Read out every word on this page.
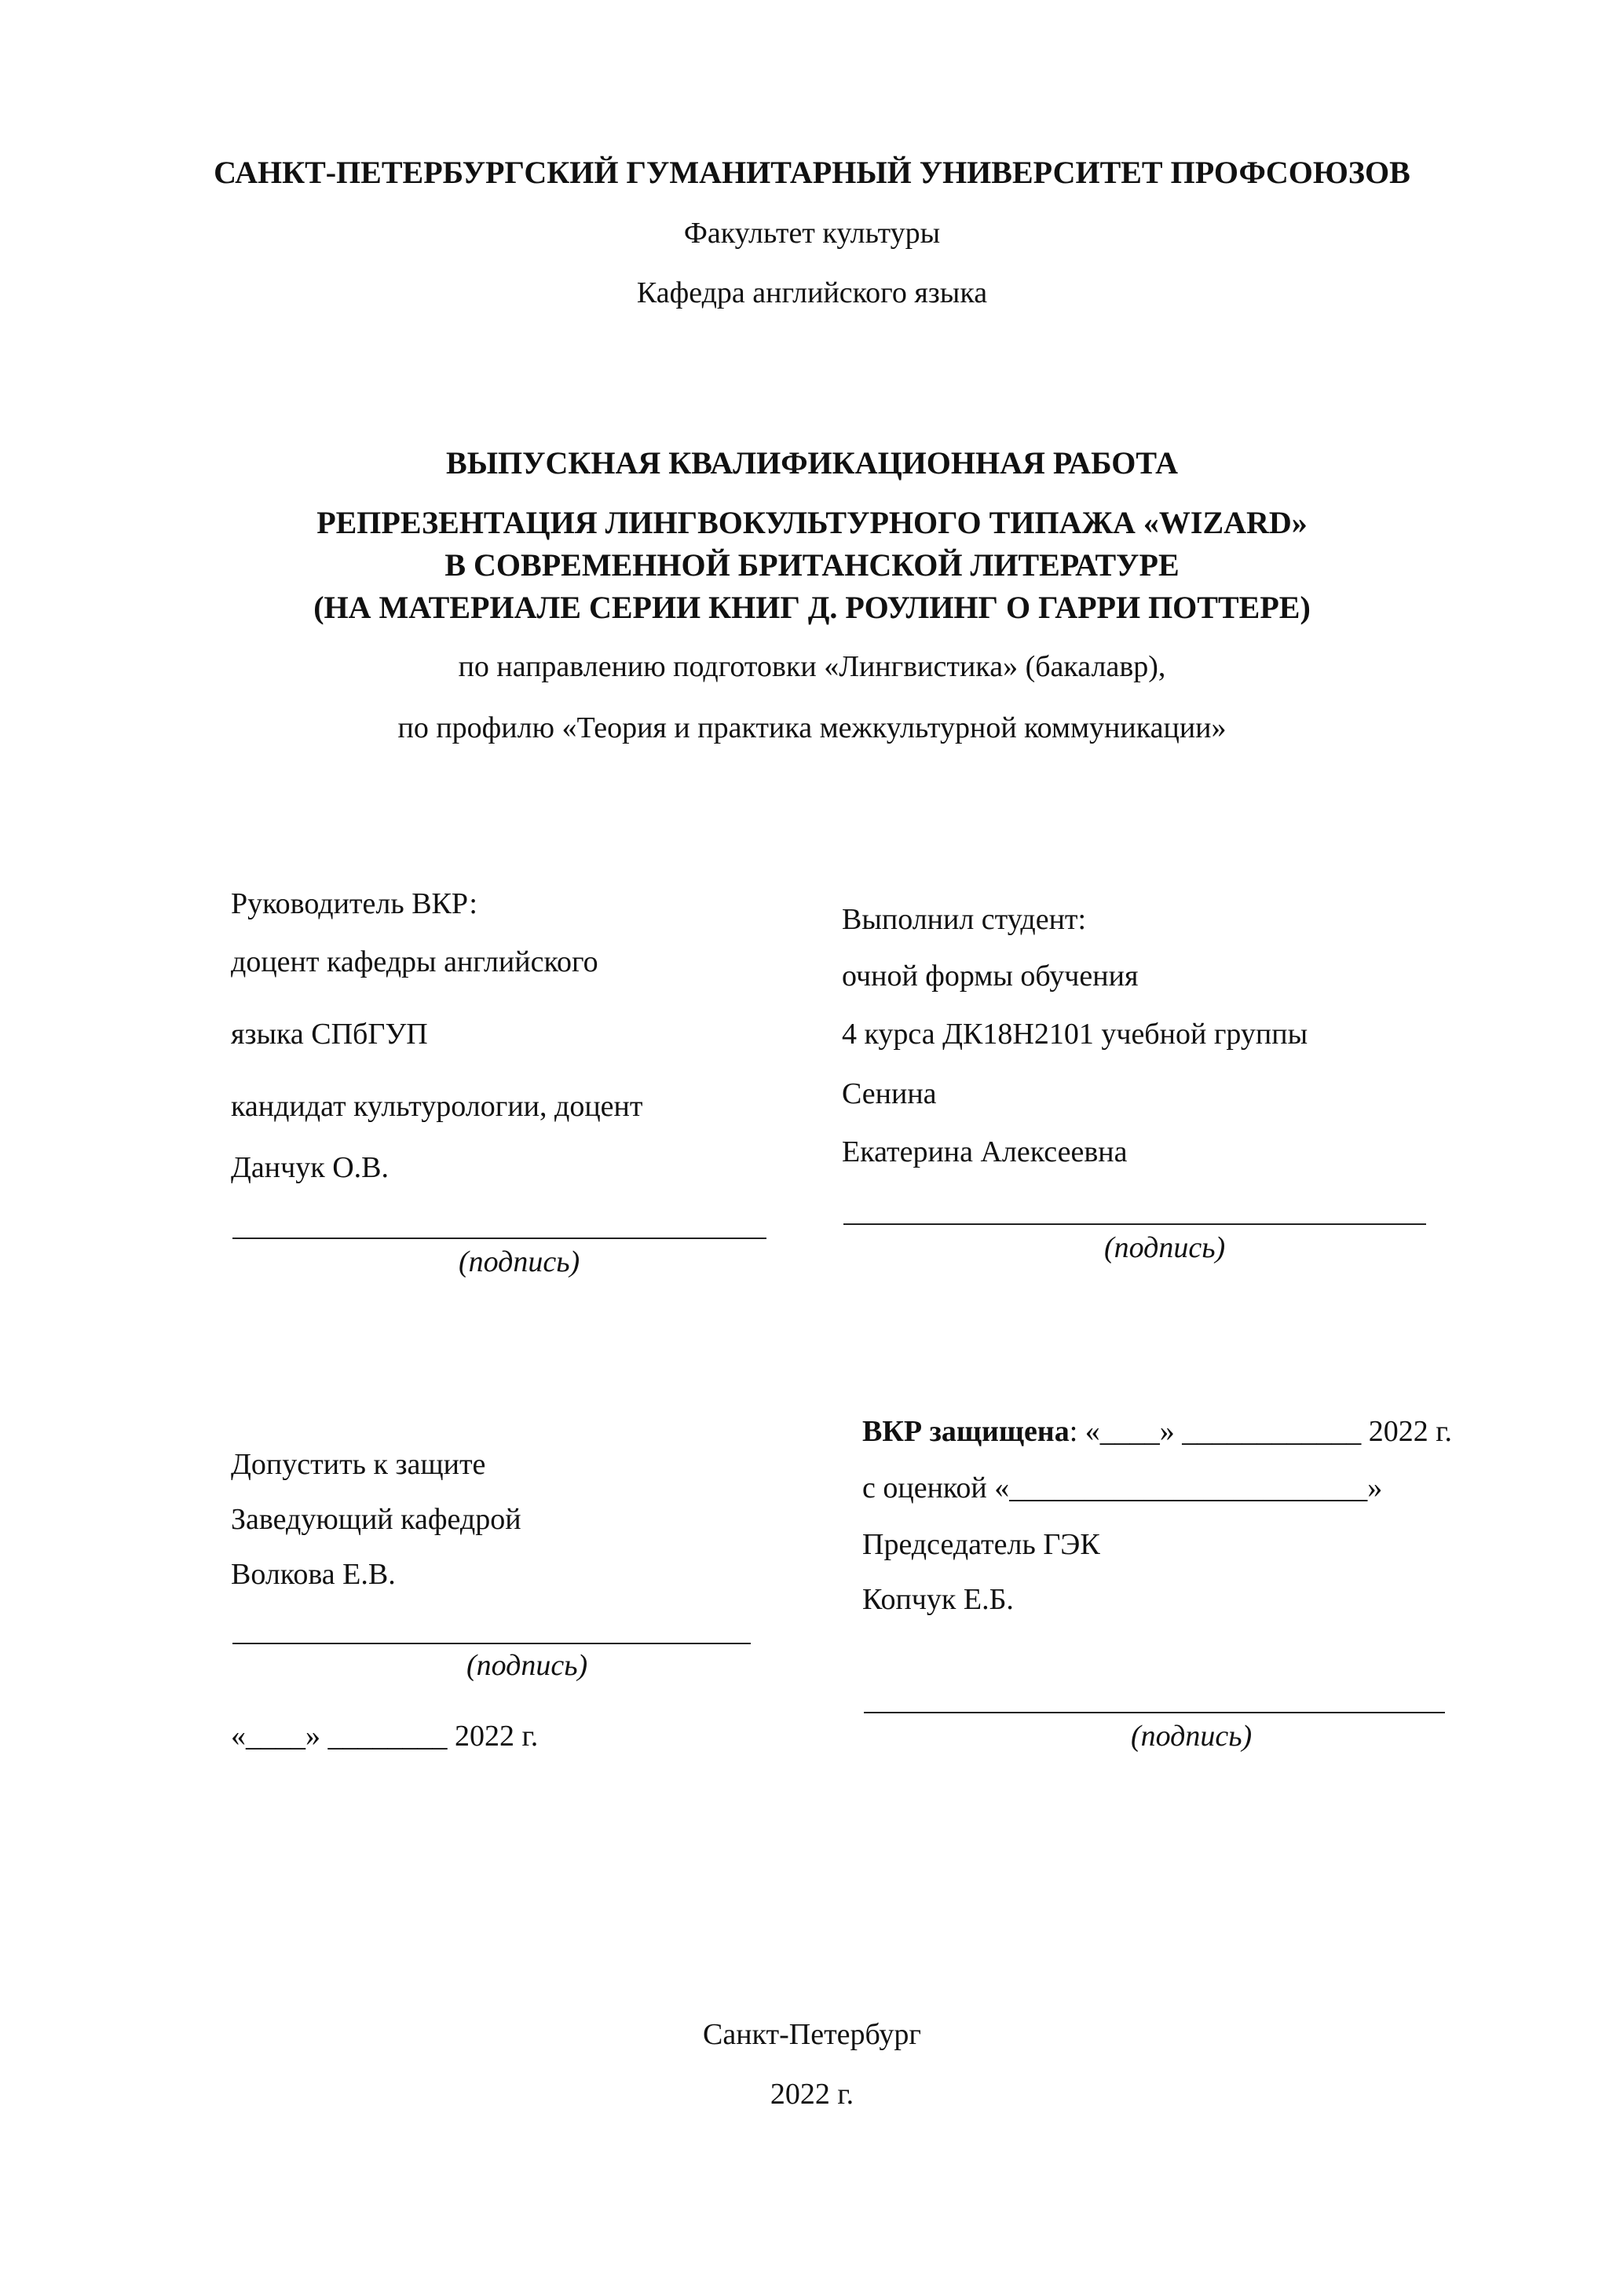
САНКТ-ПЕТЕРБУРГСКИЙ ГУМАНИТАРНЫЙ УНИВЕРСИТЕТ ПРОФСОЮЗОВ
Факультет культуры
Кафедра английского языка
ВЫПУСКНАЯ КВАЛИФИКАЦИОННАЯ РАБОТА
РЕПРЕЗЕНТАЦИЯ ЛИНГВОКУЛЬТУРНОГО ТИПАЖА «WIZARD»
В СОВРЕМЕННОЙ БРИТАНСКОЙ ЛИТЕРАТУРЕ
(НА МАТЕРИАЛЕ СЕРИИ КНИГ Д. РОУЛИНГ О ГАРРИ ПОТТЕРЕ)
по направлению подготовки «Лингвистика» (бакалавр),
по профилю «Теория и практика межкультурной коммуникации»
Руководитель ВКР:
доцент кафедры английского
языка СПбГУП
кандидат культурологии, доцент
Данчук О.В.
(подпись)
Выполнил студент:
очной формы обучения
4 курса ДК18Н2101 учебной группы
Сенина
Екатерина Алексеевна
(подпись)
Допустить к защите
Заведующий кафедрой
Волкова Е.В.
(подпись)
«____» ________ 2022 г.
ВКР защищена: «____» ____________ 2022 г.
с оценкой «________________________»
Председатель ГЭК
Копчук Е.Б.
(подпись)
Санкт-Петербург
2022 г.
